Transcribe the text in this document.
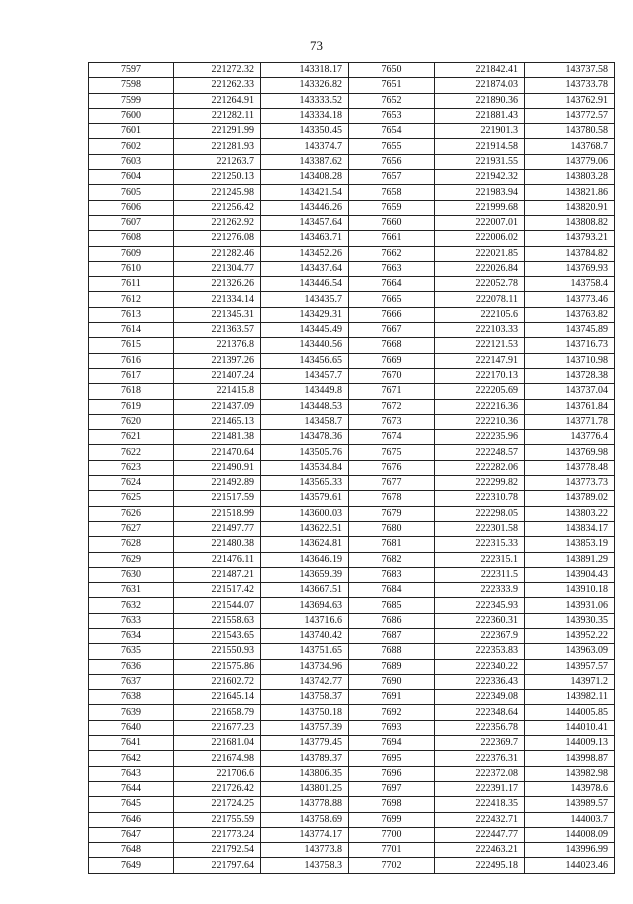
73
7597	221272.32	143318.17	7650	221842.41	143737.58
7598	221262.33	143326.82	7651	221874.03	143733.78
7599	221264.91	143333.52	7652	221890.36	143762.91
7600	221282.11	143334.18	7653	221881.43	143772.57
7601	221291.99	143350.45	7654	221901.3	143780.58
7602	221281.93	143374.7	7655	221914.58	143768.7
7603	221263.7	143387.62	7656	221931.55	143779.06
7604	221250.13	143408.28	7657	221942.32	143803.28
7605	221245.98	143421.54	7658	221983.94	143821.86
7606	221256.42	143446.26	7659	221999.68	143820.91
7607	221262.92	143457.64	7660	222007.01	143808.82
7608	221276.08	143463.71	7661	222006.02	143793.21
7609	221282.46	143452.26	7662	222021.85	143784.82
7610	221304.77	143437.64	7663	222026.84	143769.93
7611	221326.26	143446.54	7664	222052.78	143758.4
7612	221334.14	143435.7	7665	222078.11	143773.46
7613	221345.31	143429.31	7666	222105.6	143763.82
7614	221363.57	143445.49	7667	222103.33	143745.89
7615	221376.8	143440.56	7668	222121.53	143716.73
7616	221397.26	143456.65	7669	222147.91	143710.98
7617	221407.24	143457.7	7670	222170.13	143728.38
7618	221415.8	143449.8	7671	222205.69	143737.04
7619	221437.09	143448.53	7672	222216.36	143761.84
7620	221465.13	143458.7	7673	222210.36	143771.78
7621	221481.38	143478.36	7674	222235.96	143776.4
7622	221470.64	143505.76	7675	222248.57	143769.98
7623	221490.91	143534.84	7676	222282.06	143778.48
7624	221492.89	143565.33	7677	222299.82	143773.73
7625	221517.59	143579.61	7678	222310.78	143789.02
7626	221518.99	143600.03	7679	222298.05	143803.22
7627	221497.77	143622.51	7680	222301.58	143834.17
7628	221480.38	143624.81	7681	222315.33	143853.19
7629	221476.11	143646.19	7682	222315.1	143891.29
7630	221487.21	143659.39	7683	222311.5	143904.43
7631	221517.42	143667.51	7684	222333.9	143910.18
7632	221544.07	143694.63	7685	222345.93	143931.06
7633	221558.63	143716.6	7686	222360.31	143930.35
7634	221543.65	143740.42	7687	222367.9	143952.22
7635	221550.93	143751.65	7688	222353.83	143963.09
7636	221575.86	143734.96	7689	222340.22	143957.57
7637	221602.72	143742.77	7690	222336.43	143971.2
7638	221645.14	143758.37	7691	222349.08	143982.11
7639	221658.79	143750.18	7692	222348.64	144005.85
7640	221677.23	143757.39	7693	222356.78	144010.41
7641	221681.04	143779.45	7694	222369.7	144009.13
7642	221674.98	143789.37	7695	222376.31	143998.87
7643	221706.6	143806.35	7696	222372.08	143982.98
7644	221726.42	143801.25	7697	222391.17	143978.6
7645	221724.25	143778.88	7698	222418.35	143989.57
7646	221755.59	143758.69	7699	222432.71	144003.7
7647	221773.24	143774.17	7700	222447.77	144008.09
7648	221792.54	143773.8	7701	222463.21	143996.99
7649	221797.64	143758.3	7702	222495.18	144023.46
